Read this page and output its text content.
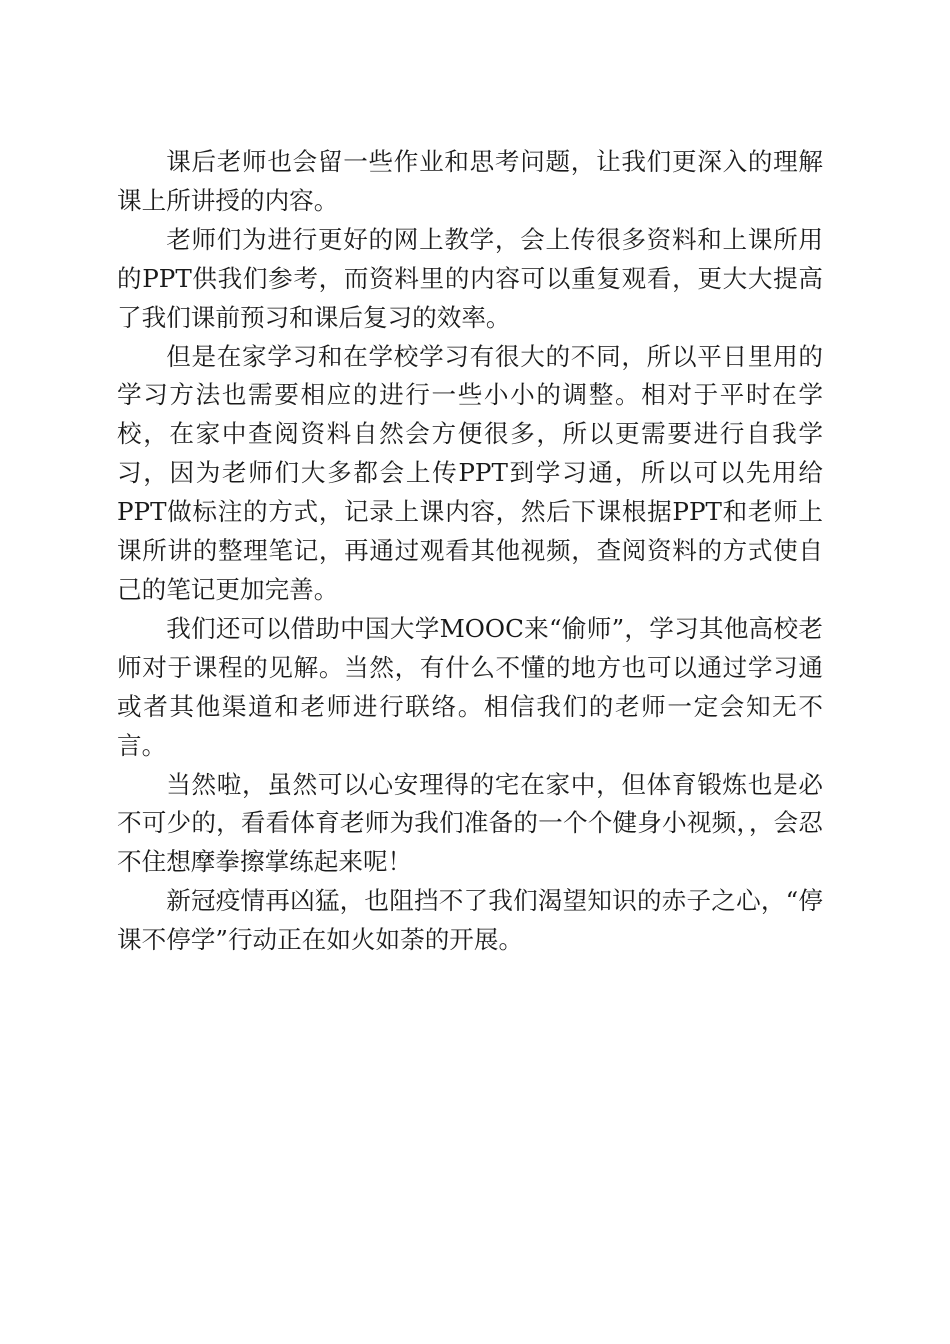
课后老师也会留一些作业和思考问题，让我们更深入的理解课上所讲授的内容。

老师们为进行更好的网上教学，会上传很多资料和上课所用的PPT供我们参考，而资料里的内容可以重复观看，更大大提高了我们课前预习和课后复习的效率。

但是在家学习和在学校学习有很大的不同，所以平日里用的学习方法也需要相应的进行一些小小的调整。相对于平时在学校，在家中查阅资料自然会方便很多，所以更需要进行自我学习，因为老师们大多都会上传PPT到学习通，所以可以先用给PPT做标注的方式，记录上课内容，然后下课根据PPT和老师上课所讲的整理笔记，再通过观看其他视频，查阅资料的方式使自己的笔记更加完善。

我们还可以借助中国大学MOOC来“偷师”，学习其他高校老师对于课程的见解。当然，有什么不懂的地方也可以通过学习通或者其他渠道和老师进行联络。相信我们的老师一定会知无不言。

当然啦，虽然可以心安理得的宅在家中，但体育锻炼也是必不可少的，看看体育老师为我们准备的一个个健身小视频，，会忍不住想摩拳擦掌练起来呢！

新冠疫情再凶猛，也阻挡不了我们渴望知识的赤子之心，“停课不停学”行动正在如火如荼的开展。
